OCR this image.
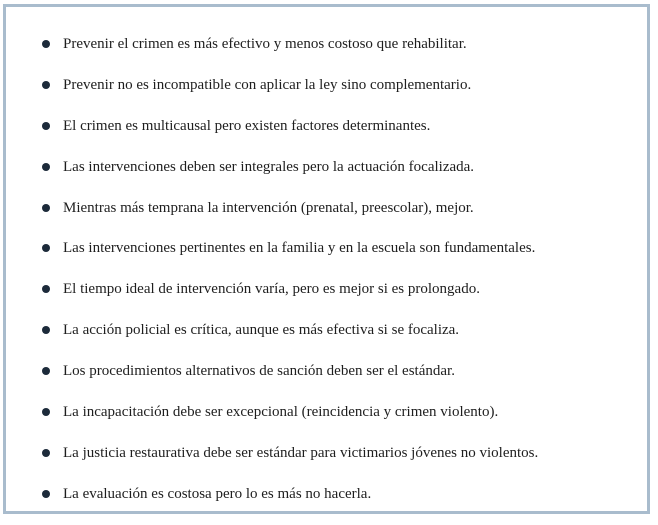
Prevenir el crimen es más efectivo y menos costoso que rehabilitar.
Prevenir no es incompatible con aplicar la ley sino complementario.
El crimen es multicausal pero existen factores determinantes.
Las intervenciones deben ser integrales pero la actuación focalizada.
Mientras más temprana la intervención (prenatal, preescolar), mejor.
Las intervenciones pertinentes en la familia y en la escuela son fundamentales.
El tiempo ideal de intervención varía, pero es mejor si es prolongado.
La acción policial es crítica, aunque es más efectiva si se focaliza.
Los procedimientos alternativos de sanción deben ser el estándar.
La incapacitación debe ser excepcional (reincidencia y crimen violento).
La justicia restaurativa debe ser estándar para victimarios jóvenes no violentos.
La evaluación es costosa pero lo es más no hacerla.
